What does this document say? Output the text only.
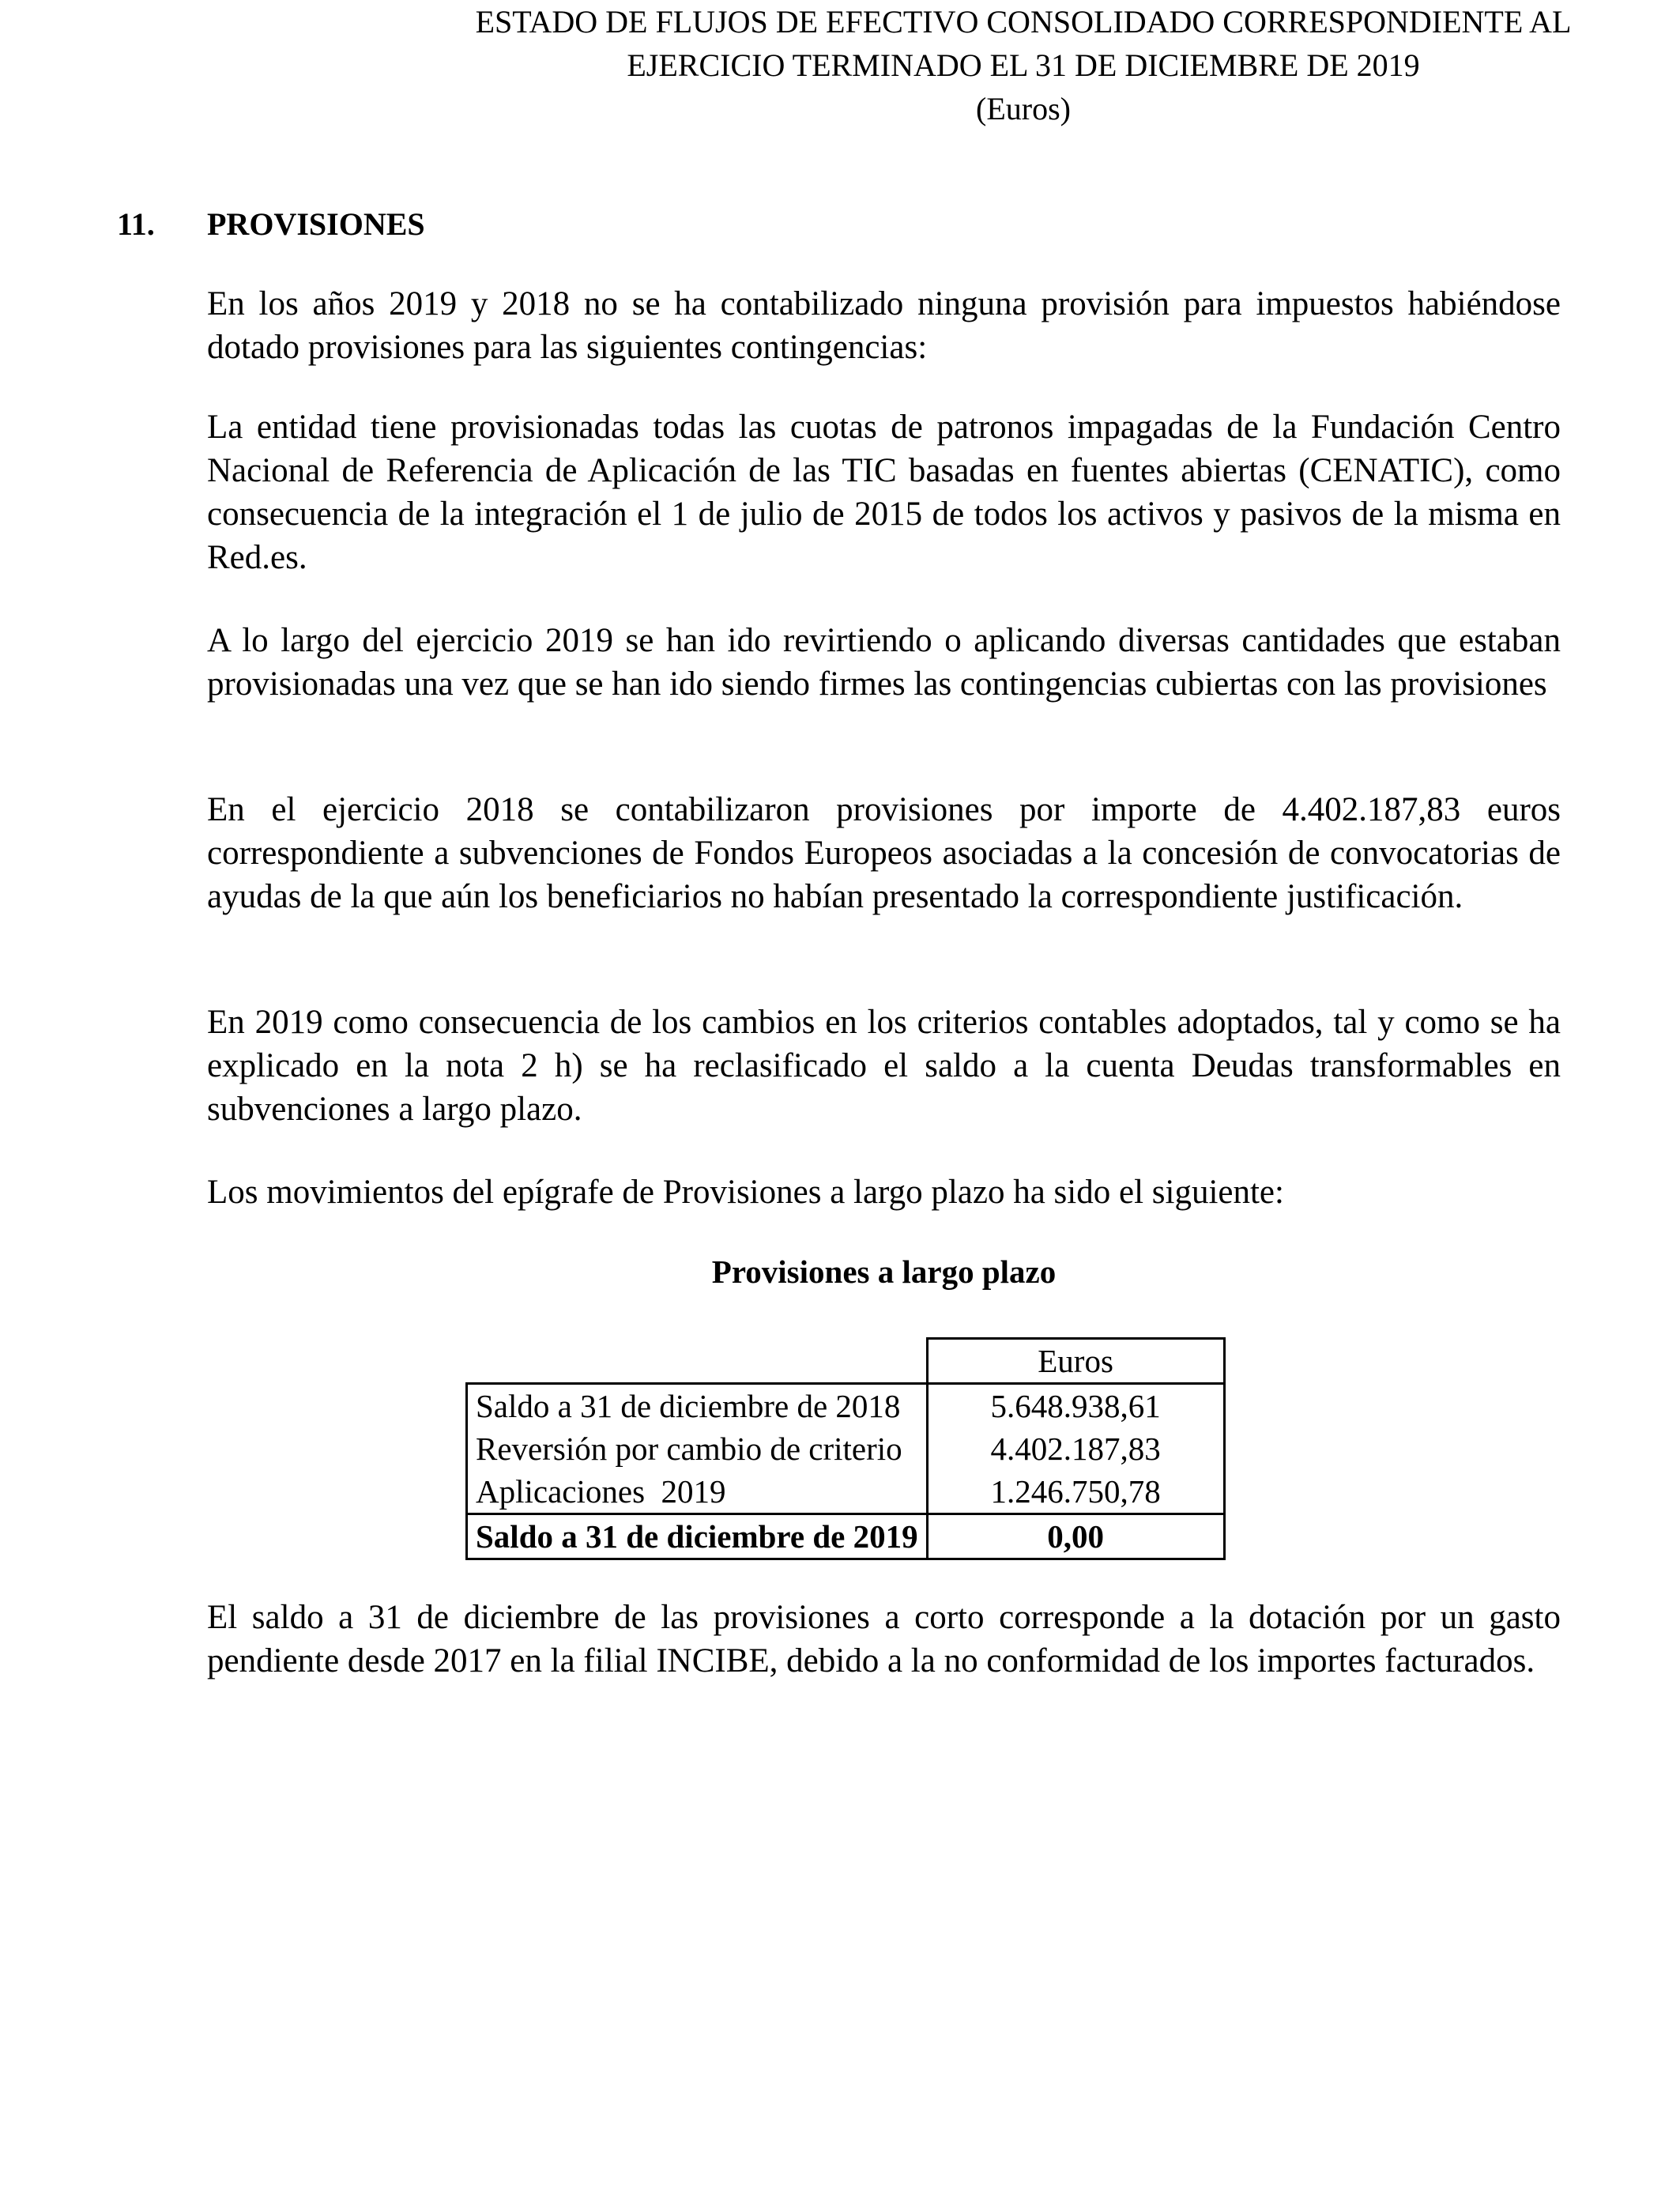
ESTADO DE FLUJOS DE EFECTIVO CONSOLIDADO CORRESPONDIENTE AL
EJERCICIO TERMINADO EL 31 DE DICIEMBRE DE 2019
(Euros)
11. PROVISIONES

En los años 2019 y 2018 no se ha contabilizado ninguna provisión para impuestos habiéndose dotado provisiones para las siguientes contingencias:

La entidad tiene provisionadas todas las cuotas de patronos impagadas de la Fundación Centro Nacional de Referencia de Aplicación de las TIC basadas en fuentes abiertas (CENATIC), como consecuencia de la integración el 1 de julio de 2015 de todos los activos y pasivos de la misma en Red.es.

A lo largo del ejercicio 2019 se han ido revirtiendo o aplicando diversas cantidades que estaban provisionadas una vez que se han ido siendo firmes las contingencias cubiertas con las provisiones

En el ejercicio 2018 se contabilizaron provisiones por importe de 4.402.187,83 euros correspondiente a subvenciones de Fondos Europeos asociadas a la concesión de convocatorias de ayudas de la que aún los beneficiarios no habían presentado la correspondiente justificación.

En 2019 como consecuencia de los cambios en los criterios contables adoptados, tal y como se ha explicado en la nota 2 h) se ha reclasificado el saldo a la cuenta Deudas transformables en subvenciones a largo plazo.

Los movimientos del epígrafe de Provisiones a largo plazo ha sido el siguiente:

Provisiones a largo plazo
	Euros
Saldo a 31 de diciembre de 2018	5.648.938,61
Reversión por cambio de criterio	4.402.187,83
Aplicaciones  2019	1.246.750,78
Saldo a 31 de diciembre de 2019	0,00

El saldo a 31 de diciembre de las provisiones a corto corresponde a la dotación por un gasto pendiente desde 2017 en la filial INCIBE, debido a la no conformidad de los importes facturados.
